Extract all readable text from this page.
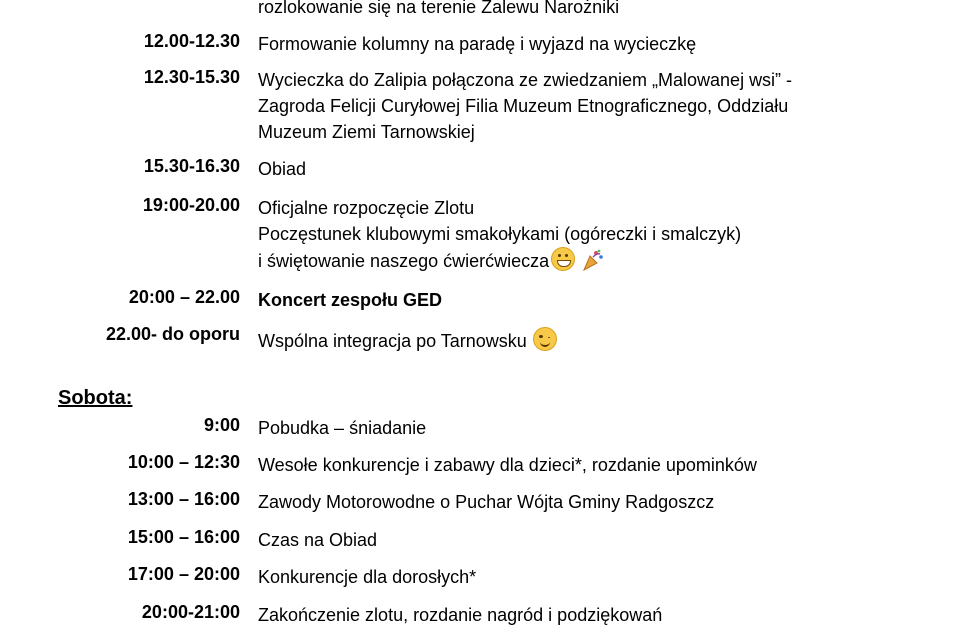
rozlokowanie się na terenie Zalewu Narożniki
12.00-12.30 Formowanie kolumny na paradę i wyjazd na wycieczkę
12.30-15.30 Wycieczka do Zalipia połączona ze zwiedzaniem „Malowanej wsi” -
Zagroda Felicji Curyłowej Filia Muzeum Etnograficznego, Oddziału
Muzeum Ziemi Tarnowskiej
15.30-16.30 Obiad
19:00-20.00 Oficjalne rozpoczęcie Zlotu
Poczęstunek klubowymi smakołykami (ogóreczki i smalczyk)
i świętowanie naszego ćwierćwiecza
20:00 – 22.00 Koncert zespołu GED
22.00- do oporu Wspólna integracja po Tarnowsku
Sobota:
9:00 Pobudka – śniadanie
10:00 – 12:30 Wesołe konkurencje i zabawy dla dzieci*, rozdanie upominków
13:00 – 16:00 Zawody Motorowodne o Puchar Wójta Gminy Radgoszcz
15:00 – 16:00 Czas na Obiad
17:00 – 20:00 Konkurencje dla dorosłych*
20:00-21:00 Zakończenie zlotu, rozdanie nagród i podziękowań
